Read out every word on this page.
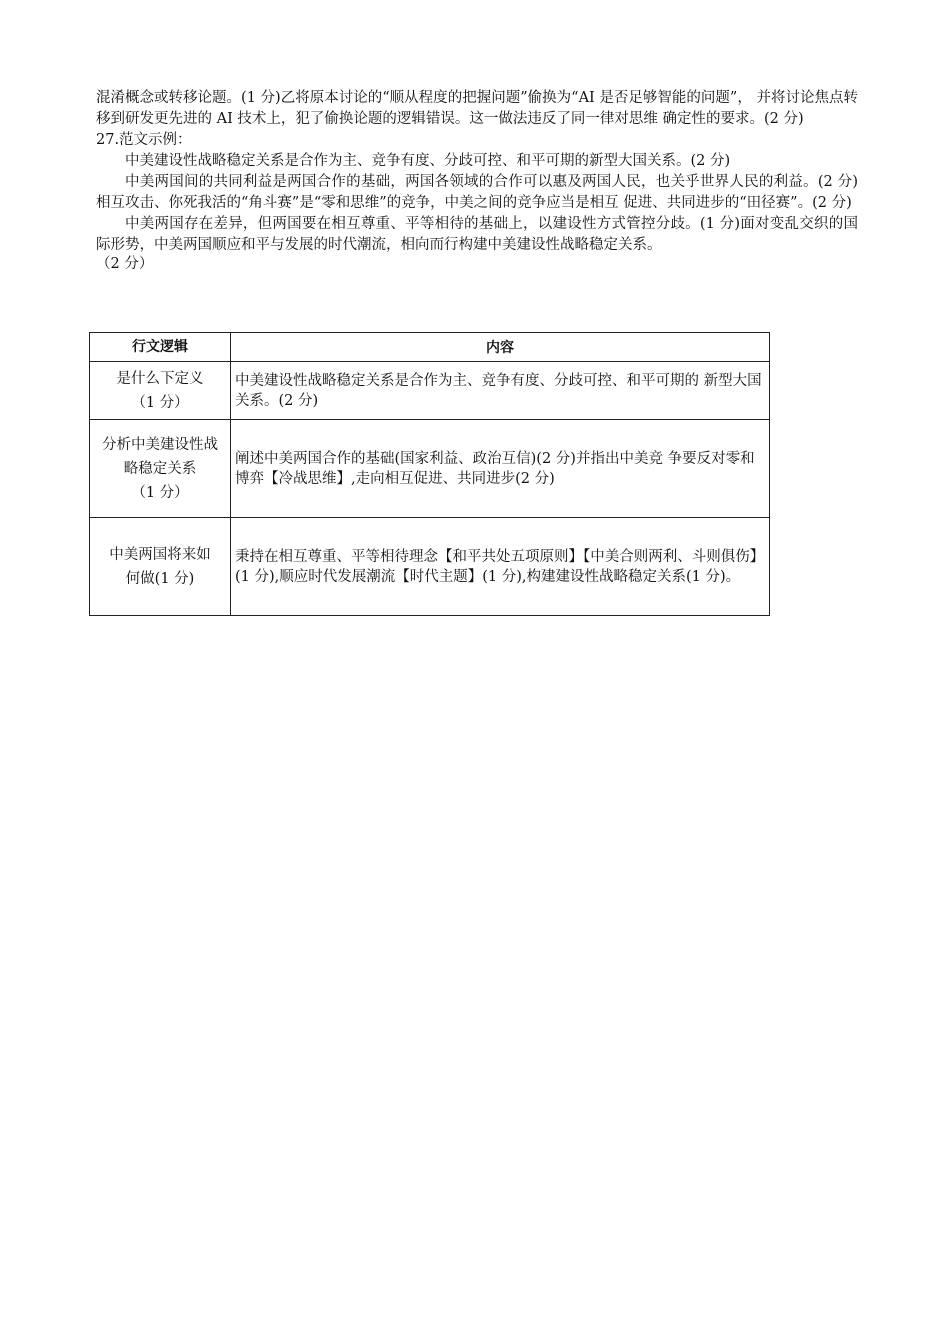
混淆概念或转移论题。(1 分)乙将原本讨论的“顺从程度的把握问题”偷换为“AI 是否足够智能的问题”， 并将讨论焦点转移到研发更先进的 AI 技术上，犯了偷换论题的逻辑错误。这一做法违反了同一律对思维 确定性的要求。(2 分)

27.范文示例：

中美建设性战略稳定关系是合作为主、竞争有度、分歧可控、和平可期的新型大国关系。(2 分)

中美两国间的共同利益是两国合作的基础，两国各领域的合作可以惠及两国人民，也关乎世界人民的利益。(2 分)相互攻击、你死我活的“角斗赛”是“零和思维”的竞争，中美之间的竞争应当是相互 促进、共同进步的“田径赛”。(2 分)

中美两国存在差异，但两国要在相互尊重、平等相待的基础上，以建设性方式管控分歧。(1 分)面对变乱交织的国际形势，中美两国顺应和平与发展的时代潮流，相向而行构建中美建设性战略稳定关系。

（2 分）

行文逻辑	内容

是什么下定义
（1 分）	中美建设性战略稳定关系是合作为主、竞争有度、分歧可控、和平可期的 新型大国关系。(2 分)

分析中美建设性战
略稳定关系
（1 分）	阐述中美两国合作的基础(国家利益、政治互信)(2 分)并指出中美竞 争要反对零和博弈【冷战思维】,走向相互促进、共同进步(2 分)

中美两国将来如
何做(1 分)	秉持在相互尊重、平等相待理念【和平共处五项原则】【中美合则两利、斗则俱伤】(1 分),顺应时代发展潮流【时代主题】(1 分),构建建设性战略稳定关系(1 分)。
